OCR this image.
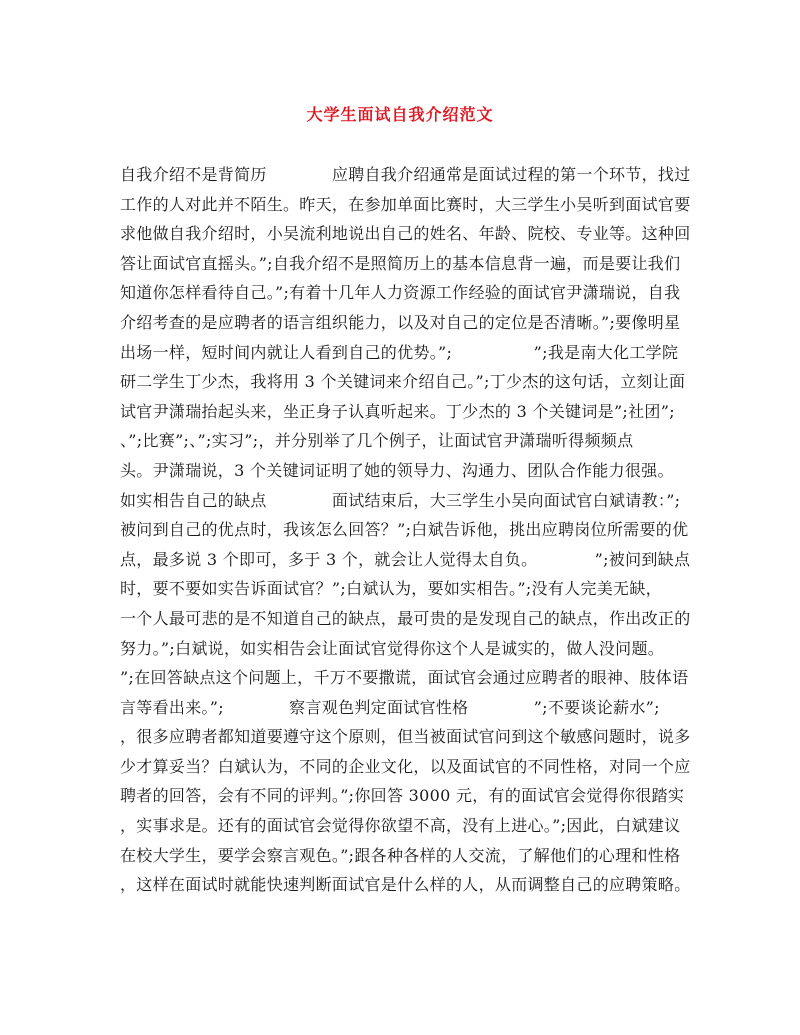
大学生面试自我介绍范文
自我介绍不是背简历　　　　应聘自我介绍通常是面试过程的第一个环节，找过
工作的人对此并不陌生。昨天，在参加单面比赛时，大三学生小吴听到面试官要
求他做自我介绍时，小吴流利地说出自己的姓名、年龄、院校、专业等。这种回
答让面试官直摇头。”;自我介绍不是照简历上的基本信息背一遍，而是要让我们
知道你怎样看待自己。”;有着十几年人力资源工作经验的面试官尹潇瑞说，自我
介绍考查的是应聘者的语言组织能力，以及对自己的定位是否清晰。”;要像明星
出场一样，短时间内就让人看到自己的优势。”;　　　　　”;我是南大化工学院
研二学生丁少杰，我将用 3 个关键词来介绍自己。”;丁少杰的这句话，立刻让面
试官尹潇瑞抬起头来，坐正身子认真听起来。丁少杰的 3 个关键词是”;社团”;
、”;比赛”;、”;实习”;，并分别举了几个例子，让面试官尹潇瑞听得频频点
头。尹潇瑞说，3 个关键词证明了她的领导力、沟通力、团队合作能力很强。
如实相告自己的缺点　　　　面试结束后，大三学生小吴向面试官白斌请教：”;
被问到自己的优点时，我该怎么回答？”;白斌告诉他，挑出应聘岗位所需要的优
点，最多说 3 个即可，多于 3 个，就会让人觉得太自负。　　　　”;被问到缺点
时，要不要如实告诉面试官？”;白斌认为，要如实相告。”;没有人完美无缺，
一个人最可悲的是不知道自己的缺点，最可贵的是发现自己的缺点，作出改正的
努力。”;白斌说，如实相告会让面试官觉得你这个人是诚实的，做人没问题。
”;在回答缺点这个问题上，千万不要撒谎，面试官会通过应聘者的眼神、肢体语
言等看出来。”;　　　　察言观色判定面试官性格　　　　”;不要谈论薪水”;
，很多应聘者都知道要遵守这个原则，但当被面试官问到这个敏感问题时，说多
少才算妥当？白斌认为，不同的企业文化，以及面试官的不同性格，对同一个应
聘者的回答，会有不同的评判。”;你回答 3000 元，有的面试官会觉得你很踏实
，实事求是。还有的面试官会觉得你欲望不高，没有上进心。”;因此，白斌建议
在校大学生，要学会察言观色。”;跟各种各样的人交流，了解他们的心理和性格
，这样在面试时就能快速判断面试官是什么样的人，从而调整自己的应聘策略。
